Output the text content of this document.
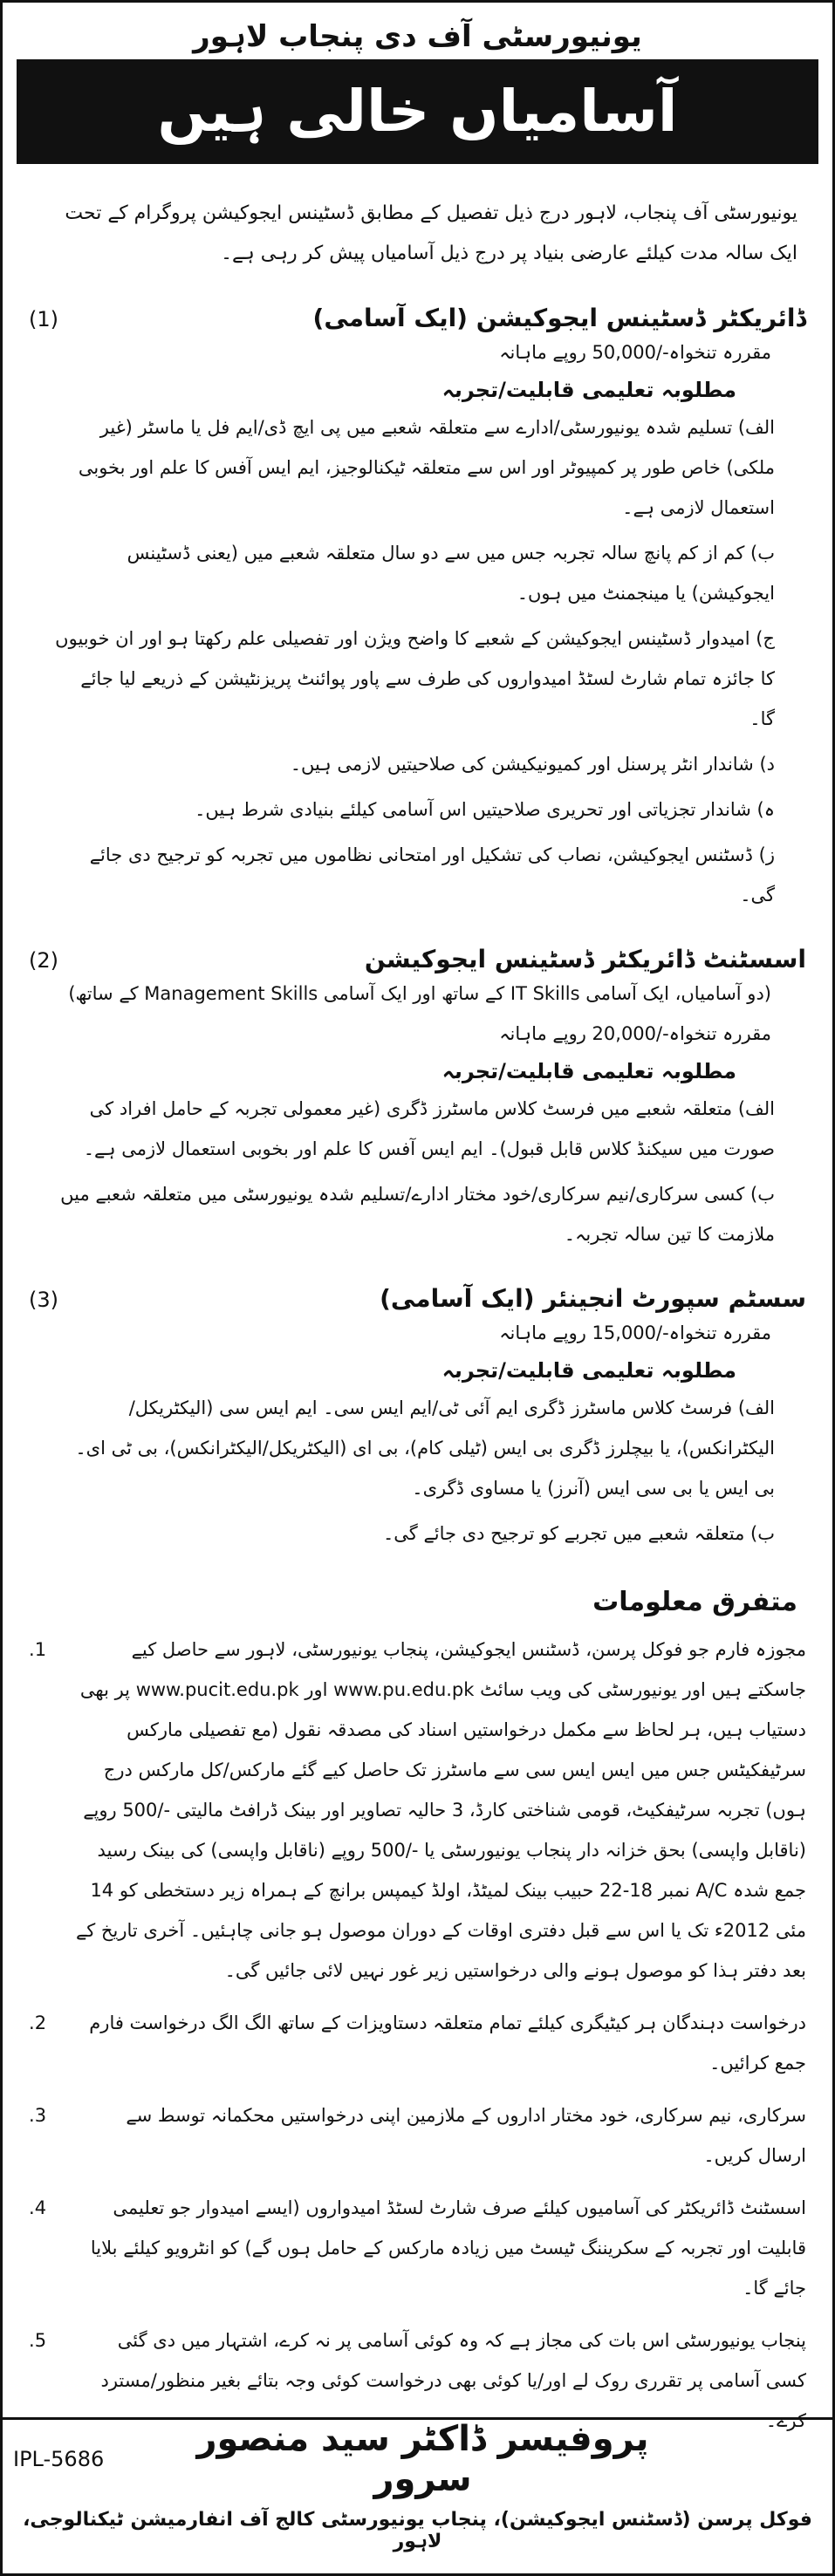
یونیورسٹی آف دی پنجاب لاہور
آسامیاں خالی ہیں
یونیورسٹی آف پنجاب، لاہور درج ذیل تفصیل کے مطابق ڈسٹینس ایجوکیشن پروگرام کے تحت ایک سالہ مدت کیلئے عارضی بنیاد پر درج ذیل آسامیاں پیش کر رہی ہے۔
ڈائریکٹر ڈسٹینس ایجوکیشن (ایک آسامی)
(1)
مقررہ تنخواہ-/50,000 روپے ماہانہ
مطلوبہ تعلیمی قابلیت/تجربہ
الف) تسلیم شدہ یونیورسٹی/ادارے سے متعلقہ شعبے میں پی ایچ ڈی/ایم فل یا ماسٹر (غیر ملکی) خاص طور پر کمپیوٹر اور اس سے متعلقہ ٹیکنالوجیز، ایم ایس آفس کا علم اور بخوبی استعمال لازمی ہے۔
ب) کم از کم پانچ سالہ تجربہ جس میں سے دو سال متعلقہ شعبے میں (یعنی ڈسٹینس ایجوکیشن) یا مینجمنٹ میں ہوں۔
ج) امیدوار ڈسٹینس ایجوکیشن کے شعبے کا واضح ویژن اور تفصیلی علم رکھتا ہو اور ان خوبیوں کا جائزہ تمام شارٹ لسٹڈ امیدواروں کی طرف سے پاور پوائنٹ پریزنٹیشن کے ذریعے لیا جائے گا۔
د) شاندار انٹر پرسنل اور کمیونیکیشن کی صلاحیتیں لازمی ہیں۔
ہ) شاندار تجزیاتی اور تحریری صلاحیتیں اس آسامی کیلئے بنیادی شرط ہیں۔
ز) ڈسٹنس ایجوکیشن، نصاب کی تشکیل اور امتحانی نظاموں میں تجربہ کو ترجیح دی جائے گی۔
اسسٹنٹ ڈائریکٹر ڈسٹینس ایجوکیشن
(2)
(دو آسامیاں، ایک آسامی IT Skills کے ساتھ اور ایک آسامی Management Skills کے ساتھ)
مقررہ تنخواہ-/20,000 روپے ماہانہ
مطلوبہ تعلیمی قابلیت/تجربہ
الف) متعلقہ شعبے میں فرسٹ کلاس ماسٹرز ڈگری (غیر معمولی تجربہ کے حامل افراد کی صورت میں سیکنڈ کلاس قابل قبول)۔ ایم ایس آفس کا علم اور بخوبی استعمال لازمی ہے۔
ب) کسی سرکاری/نیم سرکاری/خود مختار ادارے/تسلیم شدہ یونیورسٹی میں متعلقہ شعبے میں ملازمت کا تین سالہ تجربہ۔
سسٹم سپورٹ انجینئر (ایک آسامی)
(3)
مقررہ تنخواہ-/15,000 روپے ماہانہ
مطلوبہ تعلیمی قابلیت/تجربہ
الف) فرسٹ کلاس ماسٹرز ڈگری ایم آئی ٹی/ایم ایس سی۔ ایم ایس سی (الیکٹریکل/الیکٹرانکس)، یا بیچلرز ڈگری بی ایس (ٹیلی کام)، بی ای (الیکٹریکل/الیکٹرانکس)، بی ٹی ای۔ بی ایس یا بی سی ایس (آنرز) یا مساوی ڈگری۔
ب) متعلقہ شعبے میں تجربے کو ترجیح دی جائے گی۔
متفرق معلومات
مجوزہ فارم جو فوکل پرسن، ڈسٹنس ایجوکیشن، پنجاب یونیورسٹی، لاہور سے حاصل کیے جاسکتے ہیں اور یونیورسٹی کی ویب سائٹ www.pu.edu.pk اور www.pucit.edu.pk پر بھی دستیاب ہیں، ہر لحاظ سے مکمل درخواستیں اسناد کی مصدقہ نقول (مع تفصیلی مارکس سرٹیفکیٹس جس میں ایس ایس سی سے ماسٹرز تک حاصل کیے گئے مارکس/کل مارکس درج ہوں) تجربہ سرٹیفکیٹ، قومی شناختی کارڈ، 3 حالیہ تصاویر اور بینک ڈرافٹ مالیتی -/500 روپے (ناقابل واپسی) بحق خزانہ دار پنجاب یونیورسٹی یا -/500 روپے (ناقابل واپسی) کی بینک رسید جمع شدہ A/C نمبر 18-22 حبیب بینک لمیٹڈ، اولڈ کیمپس برانچ کے ہمراہ زیر دستخطی کو 14 مئی 2012ء تک یا اس سے قبل دفتری اوقات کے دوران موصول ہو جانی چاہئیں۔ آخری تاریخ کے بعد دفتر ہذا کو موصول ہونے والی درخواستیں زیر غور نہیں لائی جائیں گی۔
1.
درخواست دہندگان ہر کیٹیگری کیلئے تمام متعلقہ دستاویزات کے ساتھ الگ الگ درخواست فارم جمع کرائیں۔
2.
سرکاری، نیم سرکاری، خود مختار اداروں کے ملازمین اپنی درخواستیں محکمانہ توسط سے ارسال کریں۔
3.
اسسٹنٹ ڈائریکٹر کی آسامیوں کیلئے صرف شارٹ لسٹڈ امیدواروں (ایسے امیدوار جو تعلیمی قابلیت اور تجربہ کے سکریننگ ٹیسٹ میں زیادہ مارکس کے حامل ہوں گے) کو انٹرویو کیلئے بلایا جائے گا۔
4.
پنجاب یونیورسٹی اس بات کی مجاز ہے کہ وہ کوئی آسامی پر نہ کرے، اشتہار میں دی گئی کسی آسامی پر تقرری روک لے اور/یا کوئی بھی درخواست کوئی وجہ بتائے بغیر منظور/مسترد کرے۔
5.
IPL-5686	پروفیسر ڈاکٹر سید منصور سرور
فوکل پرسن (ڈسٹنس ایجوکیشن)، پنجاب یونیورسٹی کالج آف انفارمیشن ٹیکنالوجی، لاہور
